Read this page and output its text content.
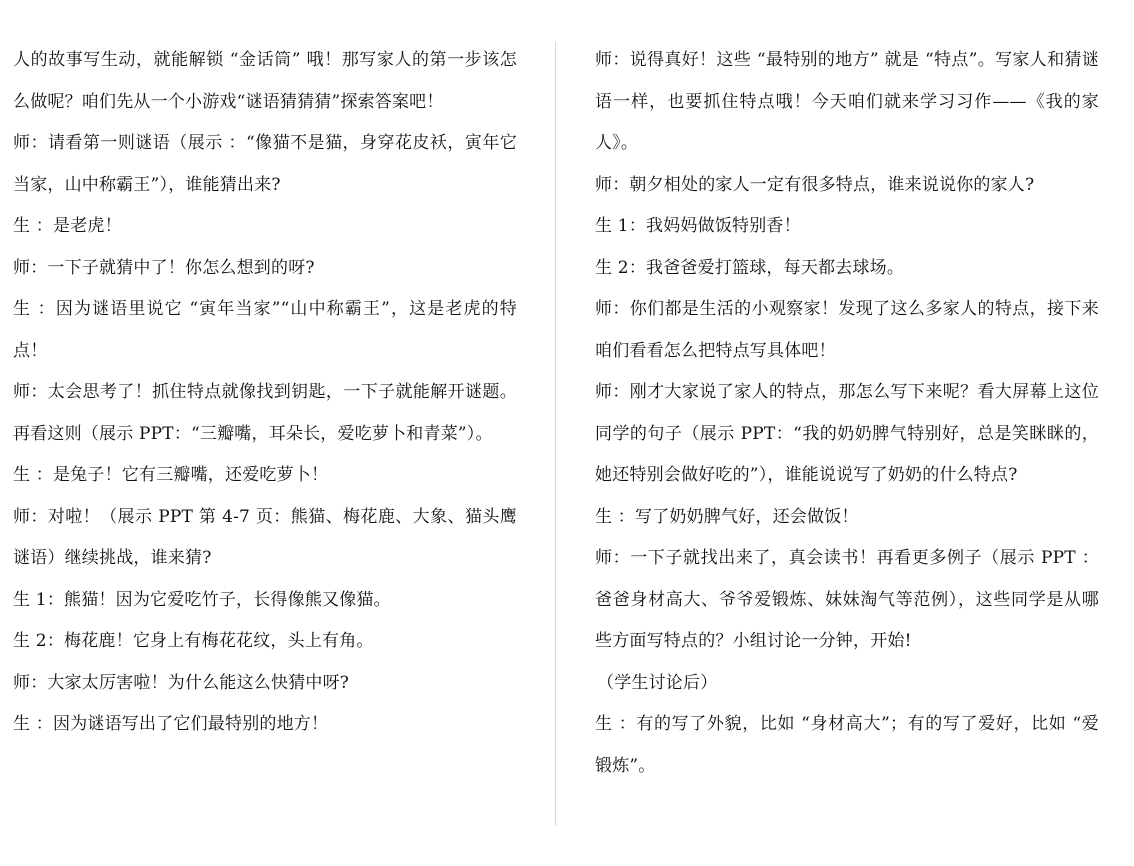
人的故事写生动，就能解锁 “金话筒” 哦！那写家人的第一步该怎么做呢？咱们先从一个小游戏“谜语猜猜猜”探索答案吧！

师：请看第一则谜语（展示 ：“像猫不是猫，身穿花皮袄，寅年它当家，山中称霸王”），谁能猜出来?

生 ：是老虎！

师：一下子就猜中了！你怎么想到的呀?

生 ：因为谜语里说它 “寅年当家”“山中称霸王”，这是老虎的特点！

师：太会思考了！抓住特点就像找到钥匙，一下子就能解开谜题。再看这则（展示 PPT：“三瓣嘴，耳朵长，爱吃萝卜和青菜”）。

生 ：是兔子！它有三瓣嘴，还爱吃萝卜！

师：对啦！（展示 PPT 第 4-7 页：熊猫、梅花鹿、大象、猫头鹰谜语）继续挑战，谁来猜?

生 1：熊猫！因为它爱吃竹子，长得像熊又像猫。

生 2：梅花鹿！它身上有梅花花纹，头上有角。

师：大家太厉害啦！为什么能这么快猜中呀?

生 ：因为谜语写出了它们最特别的地方！

师：说得真好！这些 “最特别的地方” 就是 “特点”。写家人和猜谜语一样，也要抓住特点哦！今天咱们就来学习习作——《我的家人》。

师：朝夕相处的家人一定有很多特点，谁来说说你的家人?

生 1：我妈妈做饭特别香！

生 2：我爸爸爱打篮球，每天都去球场。

师：你们都是生活的小观察家！发现了这么多家人的特点，接下来咱们看看怎么把特点写具体吧！

师：刚才大家说了家人的特点，那怎么写下来呢？看大屏幕上这位同学的句子（展示 PPT：“我的奶奶脾气特别好，总是笑眯眯的，她还特别会做好吃的”），谁能说说写了奶奶的什么特点?

生 ：写了奶奶脾气好，还会做饭！

师：一下子就找出来了，真会读书！再看更多例子（展示 PPT ：爸爸身材高大、爷爷爱锻炼、妹妹淘气等范例），这些同学是从哪些方面写特点的？小组讨论一分钟，开始!

（学生讨论后）

生 ：有的写了外貌，比如 “身材高大”；有的写了爱好，比如 “爱锻炼”。
